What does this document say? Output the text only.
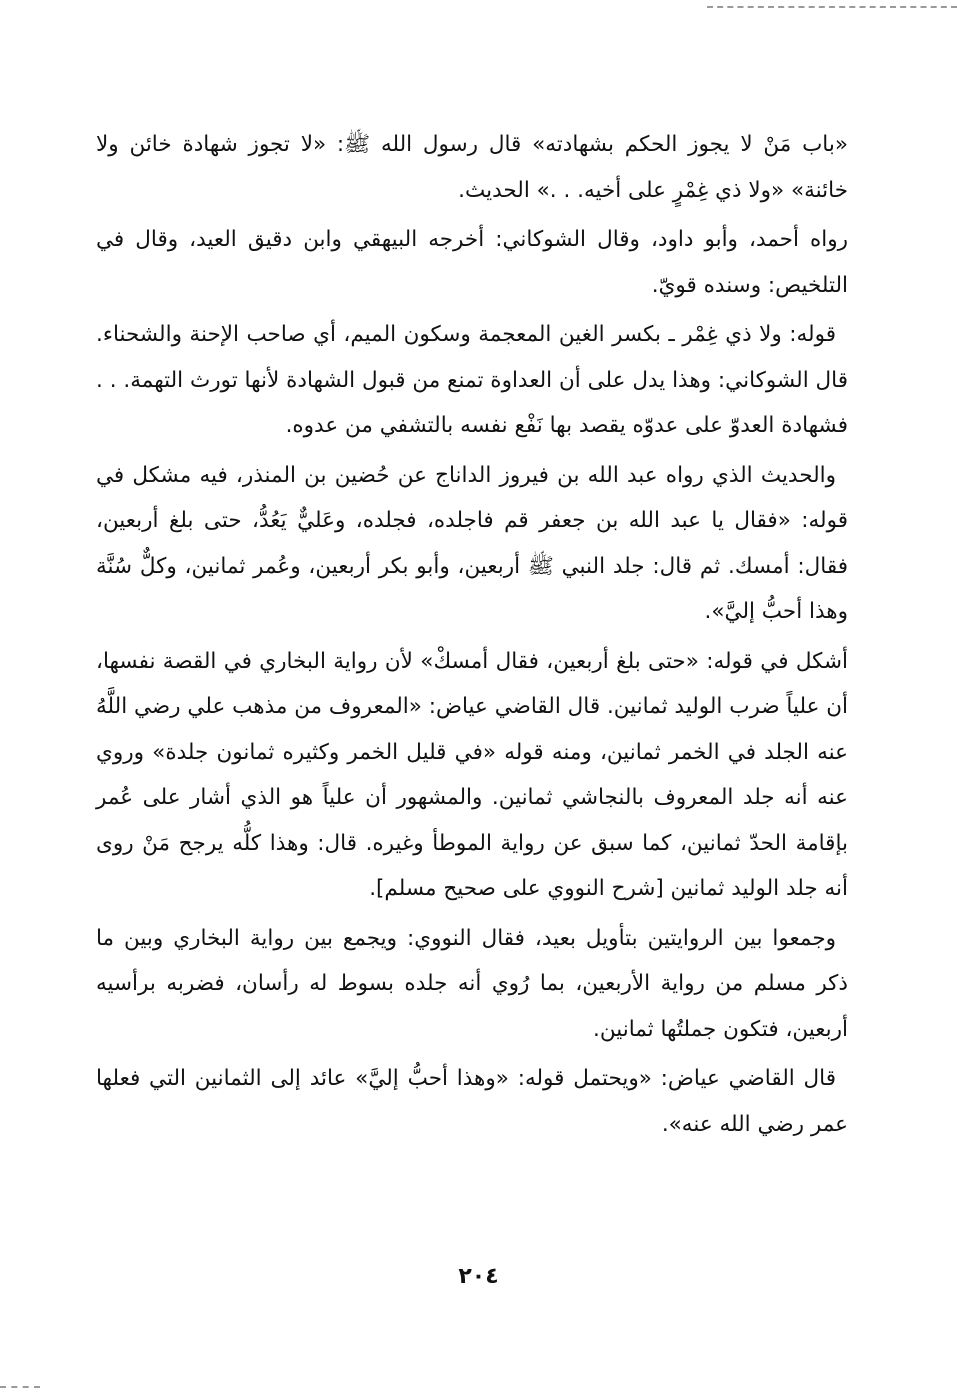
«باب مَنْ لا يجوز الحكم بشهادته» قال رسول الله ﷺ: «لا تجوز شهادة خائن ولا خائنة» «ولا ذي غِمْرٍ على أخيه. . .» الحديث.

رواه أحمد، وأبو داود، وقال الشوكاني: أخرجه البيهقي وابن دقيق العيد، وقال في التلخيص: وسنده قويّ.

قوله: ولا ذي غِمْر ـ بكسر الغين المعجمة وسكون الميم، أي صاحب الإحنة والشحناء. قال الشوكاني: وهذا يدل على أن العداوة تمنع من قبول الشهادة لأنها تورث التهمة. . . فشهادة العدوّ على عدوّه يقصد بها نَفْع نفسه بالتشفي من عدوه.

والحديث الذي رواه عبد الله بن فيروز الداناج عن حُضين بن المنذر، فيه مشكل في قوله: «فقال يا عبد الله بن جعفر قم فاجلده، فجلده، وعَليٌّ يَعُدُّ، حتى بلغ أربعين، فقال: أمسك. ثم قال: جلد النبي ﷺ أربعين، وأبو بكر أربعين، وعُمر ثمانين، وكلٌّ سُنَّة وهذا أحبُّ إليَّ».

أشكل في قوله: «حتى بلغ أربعين، فقال أمسكْ» لأن رواية البخاري في القصة نفسها، أن علياً ضرب الوليد ثمانين. قال القاضي عياض: «المعروف من مذهب علي رضي اللَّهُ عنه الجلد في الخمر ثمانين، ومنه قوله «في قليل الخمر وكثيره ثمانون جلدة» وروي عنه أنه جلد المعروف بالنجاشي ثمانين. والمشهور أن علياً هو الذي أشار على عُمر بإقامة الحدّ ثمانين، كما سبق عن رواية الموطأ وغيره. قال: وهذا كلُّه يرجح مَنْ روى أنه جلد الوليد ثمانين [شرح النووي على صحيح مسلم].

وجمعوا بين الروايتين بتأويل بعيد، فقال النووي: ويجمع بين رواية البخاري وبين ما ذكر مسلم من رواية الأربعين، بما رُوي أنه جلده بسوط له رأسان، فضربه برأسيه أربعين، فتكون جملتُها ثمانين.

قال القاضي عياض: «ويحتمل قوله: «وهذا أحبُّ إليَّ» عائد إلى الثمانين التي فعلها عمر رضي الله عنه».

٢٠٤
